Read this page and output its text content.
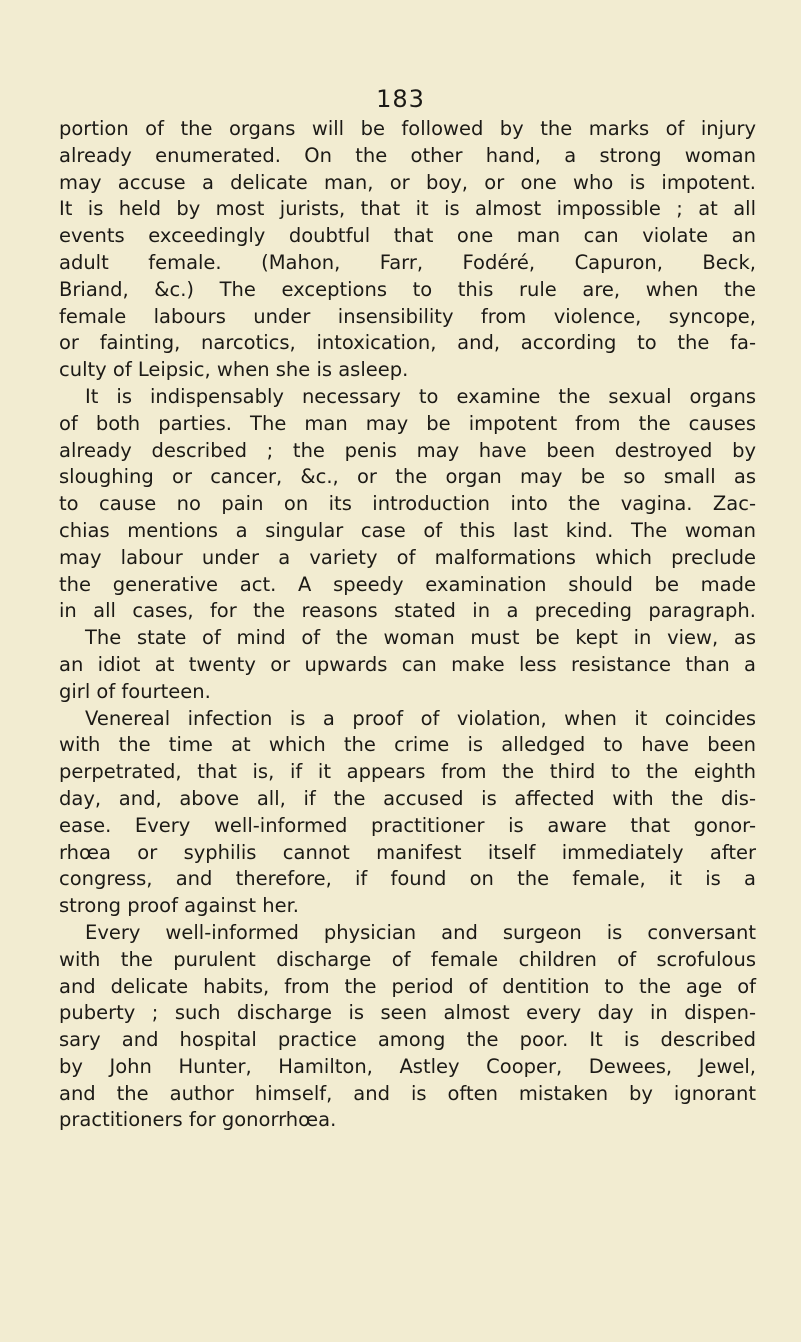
183
portion of the organs will be followed by the marks of injury
already enumerated. On the other hand, a strong woman
may accuse a delicate man, or boy, or one who is impotent.
It is held by most jurists, that it is almost impossible ; at all
events exceedingly doubtful that one man can violate an
adult female. (Mahon, Farr, Fodéré, Capuron, Beck,
Briand, &c.) The exceptions to this rule are, when the
female labours under insensibility from violence, syncope,
or fainting, narcotics, intoxication, and, according to the fa-
culty of Leipsic, when she is asleep.
It is indispensably necessary to examine the sexual organs
of both parties. The man may be impotent from the causes
already described ; the penis may have been destroyed by
sloughing or cancer, &c., or the organ may be so small as
to cause no pain on its introduction into the vagina. Zac-
chias mentions a singular case of this last kind. The woman
may labour under a variety of malformations which preclude
the generative act. A speedy examination should be made
in all cases, for the reasons stated in a preceding paragraph.
The state of mind of the woman must be kept in view, as
an idiot at twenty or upwards can make less resistance than a
girl of fourteen.
Venereal infection is a proof of violation, when it coincides
with the time at which the crime is alledged to have been
perpetrated, that is, if it appears from the third to the eighth
day, and, above all, if the accused is affected with the dis-
ease. Every well-informed practitioner is aware that gonor-
rhœa or syphilis cannot manifest itself immediately after
congress, and therefore, if found on the female, it is a
strong proof against her.
Every well-informed physician and surgeon is conversant
with the purulent discharge of female children of scrofulous
and delicate habits, from the period of dentition to the age of
puberty ; such discharge is seen almost every day in dispen-
sary and hospital practice among the poor. It is described
by John Hunter, Hamilton, Astley Cooper, Dewees, Jewel,
and the author himself, and is often mistaken by ignorant
practitioners for gonorrhœa.
